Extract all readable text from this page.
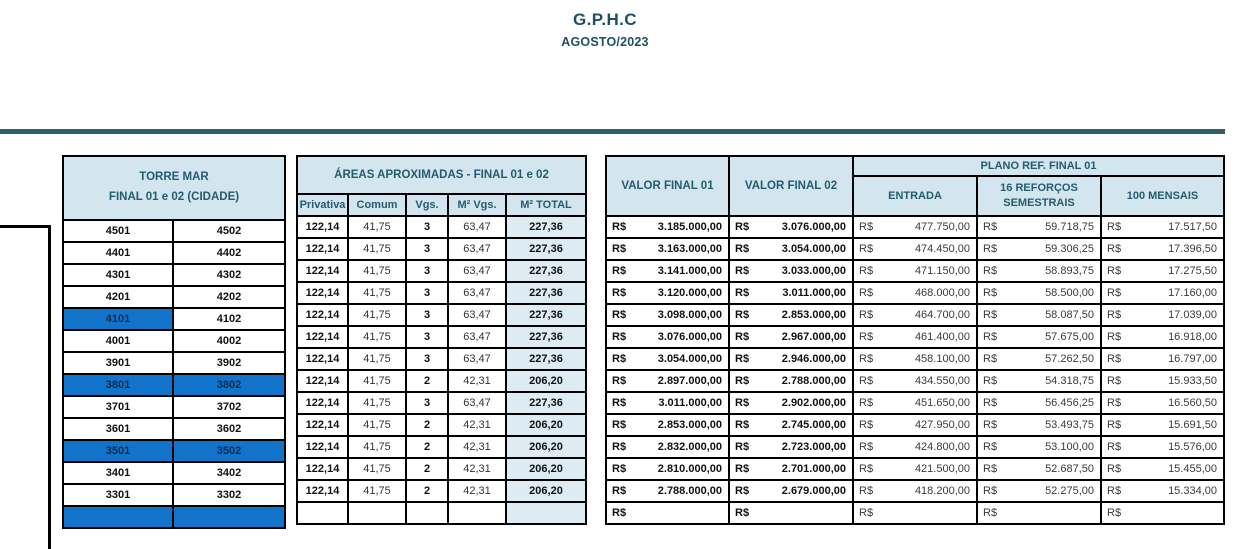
G.P.H.C
AGOSTO/2023
TORRE MAR
FINAL 01 e 02 (CIDADE)	

4501	4502
4401	4402
4301	4302
4201	4202
4101	4102
4001	4002
3901	3902
3801	3802
3701	3702
3601	3602
3501	3502
3401	3402
3301	3302

ÁREAS APROXIMADAS - FINAL 01 e 02				
Privativa	Comum	Vgs.	M² Vgs.	M² TOTAL
122,14	41,75	3	63,47	227,36
122,14	41,75	3	63,47	227,36
122,14	41,75	3	63,47	227,36
122,14	41,75	3	63,47	227,36
122,14	41,75	3	63,47	227,36
122,14	41,75	3	63,47	227,36
122,14	41,75	3	63,47	227,36
122,14	41,75	2	42,31	206,20
122,14	41,75	3	63,47	227,36
122,14	41,75	2	42,31	206,20
122,14	41,75	2	42,31	206,20
122,14	41,75	2	42,31	206,20
122,14	41,75	2	42,31	206,20

VALOR FINAL 01	VALOR FINAL 02	PLANO REF. FINAL 01		
		ENTRADA	16 REFORÇOS SEMESTRAIS	100 MENSAIS

R$ 3.185.000,00	R$ 3.076.000,00	R$ 477.750,00	R$ 59.718,75	R$ 17.517,50

R$ 3.163.000,00	R$ 3.054.000,00	R$ 474.450,00	R$ 59.306,25	R$ 17.396,50

R$ 3.141.000,00	R$ 3.033.000,00	R$ 471.150,00	R$ 58.893,75	R$ 17.275,50

R$ 3.120.000,00	R$ 3.011.000,00	R$ 468.000,00	R$ 58.500,00	R$ 17.160,00

R$ 3.098.000,00	R$ 2.853.000,00	R$ 464.700,00	R$ 58.087,50	R$ 17.039,00

R$ 3.076.000,00	R$ 2.967.000,00	R$ 461.400,00	R$ 57.675,00	R$ 16.918,00

R$ 3.054.000,00	R$ 2.946.000,00	R$ 458.100,00	R$ 57.262,50	R$ 16.797,00

R$ 2.897.000,00	R$ 2.788.000,00	R$ 434.550,00	R$ 54.318,75	R$ 15.933,50

R$ 3.011.000,00	R$ 2.902.000,00	R$ 451.650,00	R$ 56.456,25	R$ 16.560,50

R$ 2.853.000,00	R$ 2.745.000,00	R$ 427.950,00	R$ 53.493,75	R$ 15.691,50

R$ 2.832.000,00	R$ 2.723.000,00	R$ 424.800,00	R$ 53.100,00	R$ 15.576,00

R$ 2.810.000,00	R$ 2.701.000,00	R$ 421.500,00	R$ 52.687,50	R$ 15.455,00

R$ 2.788.000,00	R$ 2.679.000,00	R$ 418.200,00	R$ 52.275,00	R$ 15.334,00

R$	R$	R$	R$	R$
